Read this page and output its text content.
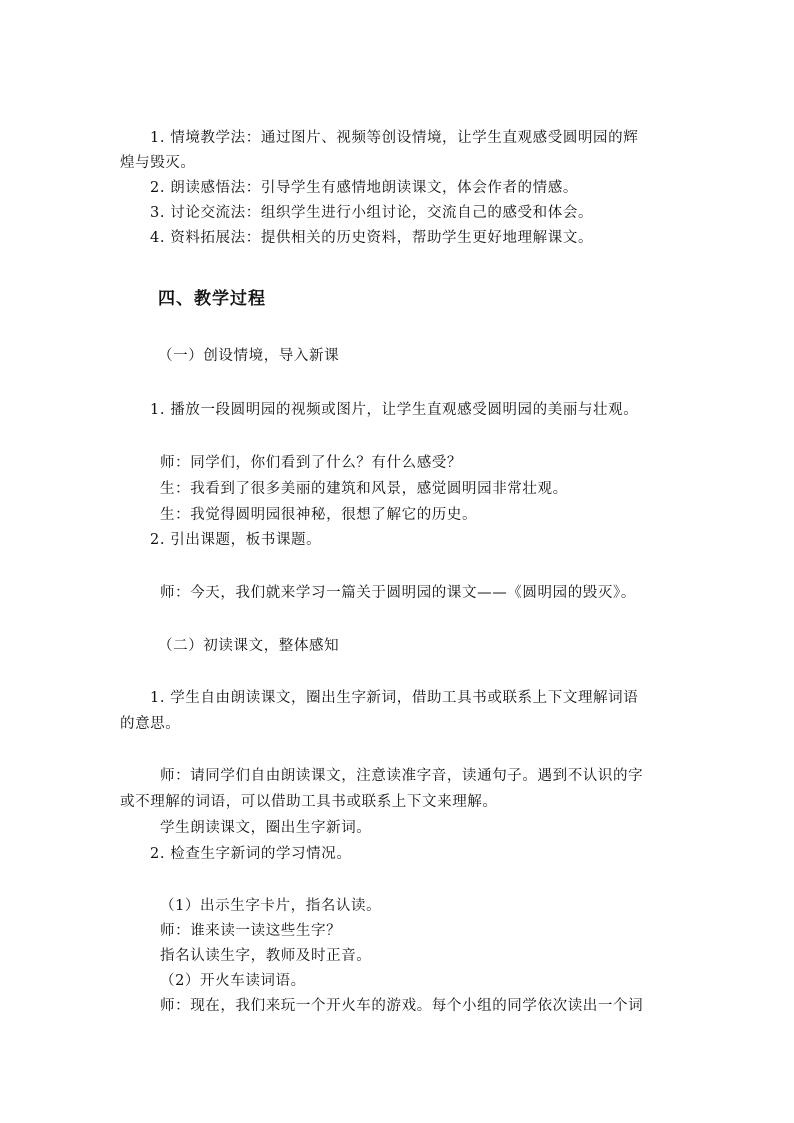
1. 情境教学法：通过图片、视频等创设情境，让学生直观感受圆明园的辉
煌与毁灭。
2. 朗读感悟法：引导学生有感情地朗读课文，体会作者的情感。
3. 讨论交流法：组织学生进行小组讨论，交流自己的感受和体会。
4. 资料拓展法：提供相关的历史资料，帮助学生更好地理解课文。
四、教学过程
（一）创设情境，导入新课
1. 播放一段圆明园的视频或图片，让学生直观感受圆明园的美丽与壮观。
师：同学们，你们看到了什么？有什么感受？
生：我看到了很多美丽的建筑和风景，感觉圆明园非常壮观。
生：我觉得圆明园很神秘，很想了解它的历史。
2. 引出课题，板书课题。
师：今天，我们就来学习一篇关于圆明园的课文——《圆明园的毁灭》。
（二）初读课文，整体感知
1. 学生自由朗读课文，圈出生字新词，借助工具书或联系上下文理解词语
的意思。
师：请同学们自由朗读课文，注意读准字音，读通句子。遇到不认识的字
或不理解的词语，可以借助工具书或联系上下文来理解。
学生朗读课文，圈出生字新词。
2. 检查生字新词的学习情况。
（1）出示生字卡片，指名认读。
师：谁来读一读这些生字？
指名认读生字，教师及时正音。
（2）开火车读词语。
师：现在，我们来玩一个开火车的游戏。每个小组的同学依次读出一个词
